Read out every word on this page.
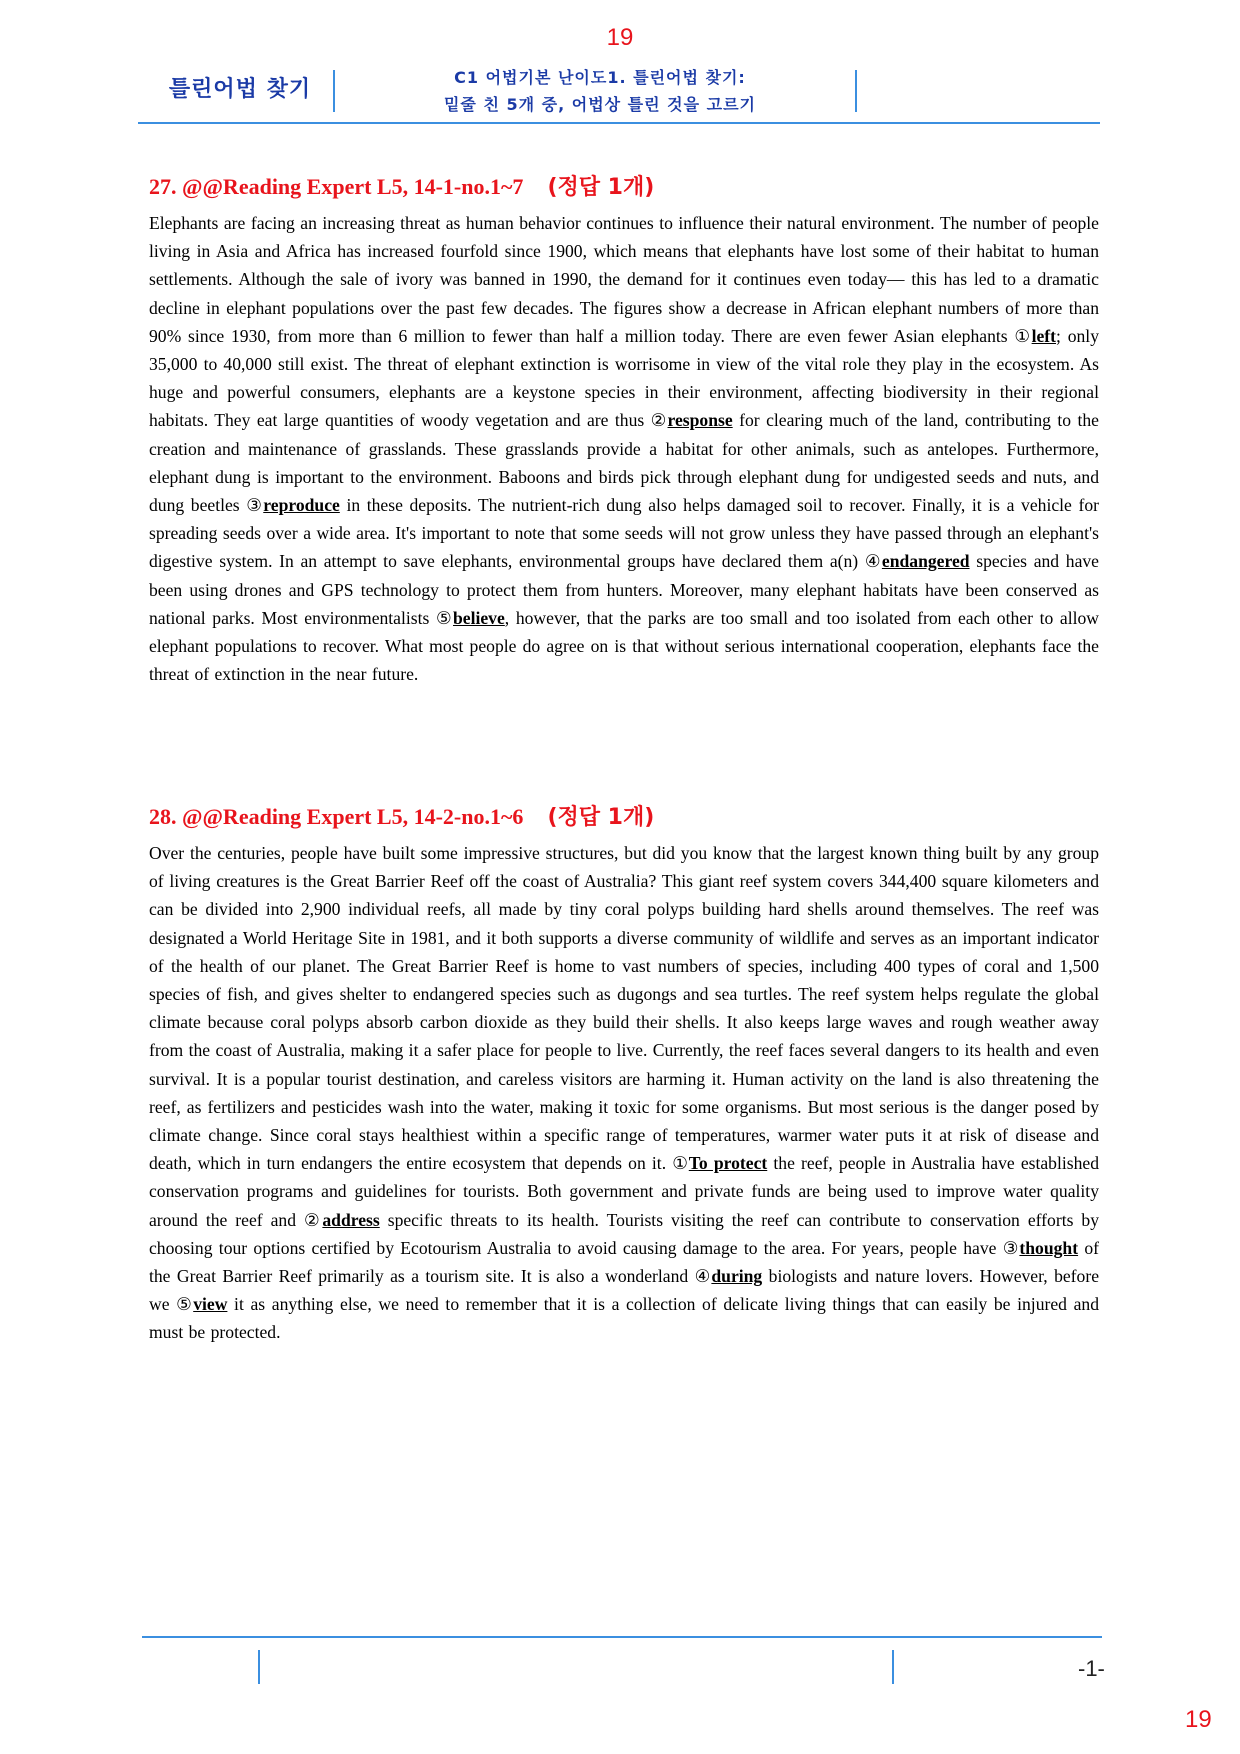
19
틀린어법 찾기	C1 어법기본 난이도1. 틀린어법 찾기:
밑줄 친 5개 중, 어법상 틀린 것을 고르기
27. @@Reading Expert L5, 14-1-no.1~7 (정답 1개)

Elephants are facing an increasing threat as human behavior continues to influence their natural environment. The number of people living in Asia and Africa has increased fourfold since 1900, which means that elephants have lost some of their habitat to human settlements. Although the sale of ivory was banned in 1990, the demand for it continues even today— this has led to a dramatic decline in elephant populations over the past few decades. The figures show a decrease in African elephant numbers of more than 90% since 1930, from more than 6 million to fewer than half a million today. There are even fewer Asian elephants ①left; only 35,000 to 40,000 still exist. The threat of elephant extinction is worrisome in view of the vital role they play in the ecosystem. As huge and powerful consumers, elephants are a keystone species in their environment, affecting biodiversity in their regional habitats. They eat large quantities of woody vegetation and are thus ②response for clearing much of the land, contributing to the creation and maintenance of grasslands. These grasslands provide a habitat for other animals, such as antelopes. Furthermore, elephant dung is important to the environment. Baboons and birds pick through elephant dung for undigested seeds and nuts, and dung beetles ③reproduce in these deposits. The nutrient-rich dung also helps damaged soil to recover. Finally, it is a vehicle for spreading seeds over a wide area. It's important to note that some seeds will not grow unless they have passed through an elephant's digestive system. In an attempt to save elephants, environmental groups have declared them a(n) ④endangered species and have been using drones and GPS technology to protect them from hunters. Moreover, many elephant habitats have been conserved as national parks. Most environmentalists ⑤believe, however, that the parks are too small and too isolated from each other to allow elephant populations to recover. What most people do agree on is that without serious international cooperation, elephants face the threat of extinction in the near future.

28. @@Reading Expert L5, 14-2-no.1~6 (정답 1개)

Over the centuries, people have built some impressive structures, but did you know that the largest known thing built by any group of living creatures is the Great Barrier Reef off the coast of Australia? This giant reef system covers 344,400 square kilometers and can be divided into 2,900 individual reefs, all made by tiny coral polyps building hard shells around themselves. The reef was designated a World Heritage Site in 1981, and it both supports a diverse community of wildlife and serves as an important indicator of the health of our planet. The Great Barrier Reef is home to vast numbers of species, including 400 types of coral and 1,500 species of fish, and gives shelter to endangered species such as dugongs and sea turtles. The reef system helps regulate the global climate because coral polyps absorb carbon dioxide as they build their shells. It also keeps large waves and rough weather away from the coast of Australia, making it a safer place for people to live. Currently, the reef faces several dangers to its health and even survival. It is a popular tourist destination, and careless visitors are harming it. Human activity on the land is also threatening the reef, as fertilizers and pesticides wash into the water, making it toxic for some organisms. But most serious is the danger posed by climate change. Since coral stays healthiest within a specific range of temperatures, warmer water puts it at risk of disease and death, which in turn endangers the entire ecosystem that depends on it. ①To protect the reef, people in Australia have established conservation programs and guidelines for tourists. Both government and private funds are being used to improve water quality around the reef and ②address specific threats to its health. Tourists visiting the reef can contribute to conservation efforts by choosing tour options certified by Ecotourism Australia to avoid causing damage to the area. For years, people have ③thought of the Great Barrier Reef primarily as a tourism site. It is also a wonderland ④during biologists and nature lovers. However, before we ⑤view it as anything else, we need to remember that it is a collection of delicate living things that can easily be injured and must be protected.

-1-
19
